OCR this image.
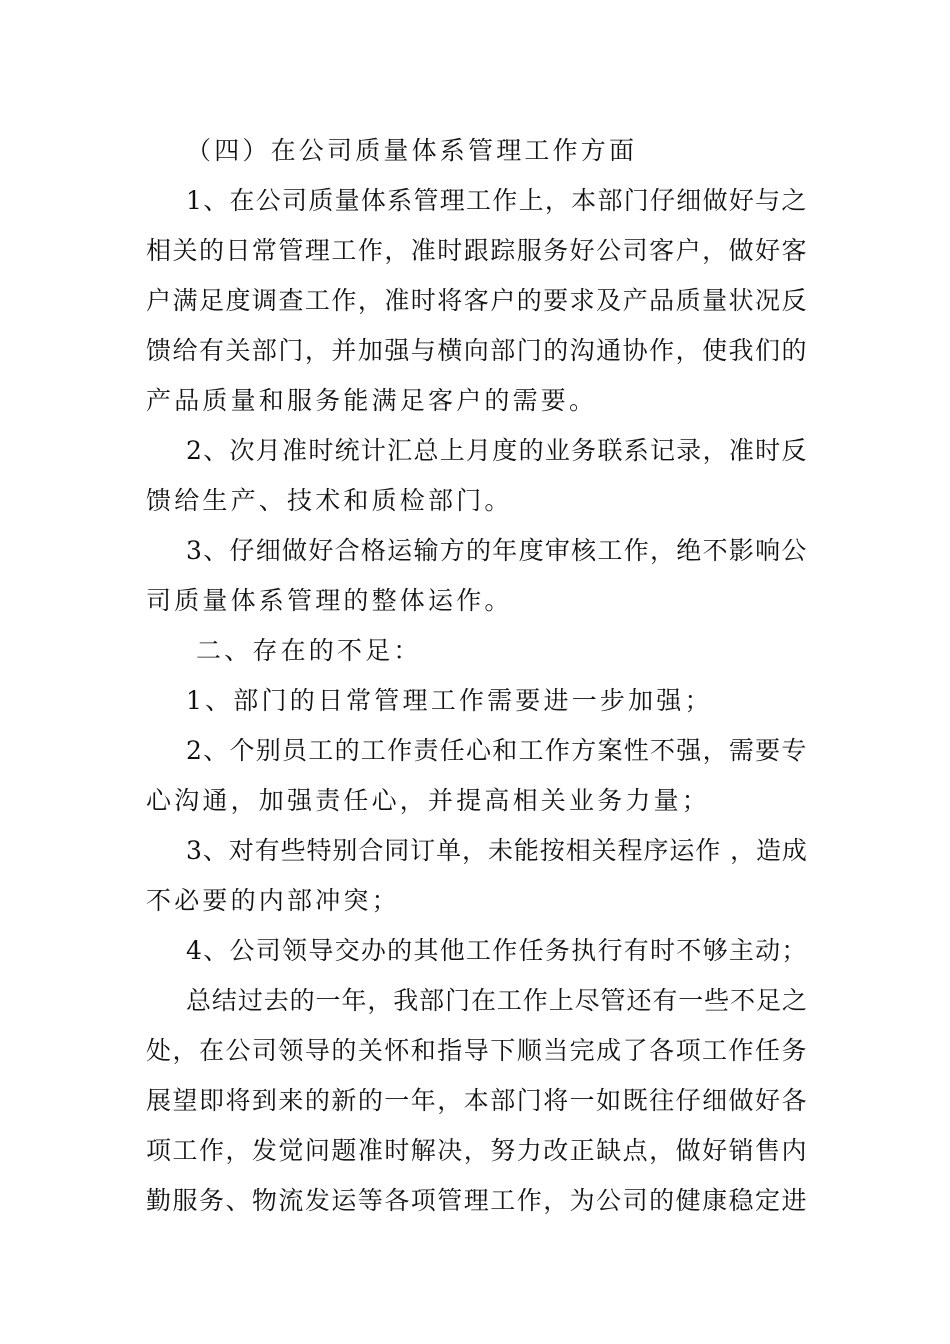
（四）在公司质量体系管理工作方面
1、在公司质量体系管理工作上，本部门仔细做好与之
相关的日常管理工作，准时跟踪服务好公司客户，做好客
户满足度调查工作，准时将客户的要求及产品质量状况反
馈给有关部门，并加强与横向部门的沟通协作，使我们的
产品质量和服务能满足客户的需要。
2、次月准时统计汇总上月度的业务联系记录，准时反
馈给生产、技术和质检部门。
3、仔细做好合格运输方的年度审核工作，绝不影响公
司质量体系管理的整体运作。
二、存在的不足：
1、部门的日常管理工作需要进一步加强；
2、个别员工的工作责任心和工作方案性不强，需要专
心沟通，加强责任心，并提高相关业务力量；
3、对有些特别合同订单，未能按相关程序运作 ，造成
不必要的内部冲突；
4、公司领导交办的其他工作任务执行有时不够主动；
总结过去的一年，我部门在工作上尽管还有一些不足之
处，在公司领导的关怀和指导下顺当完成了各项工作任务
展望即将到来的新的一年，本部门将一如既往仔细做好各
项工作，发觉问题准时解决，努力改正缺点，做好销售内
勤服务、物流发运等各项管理工作，为公司的健康稳定进
